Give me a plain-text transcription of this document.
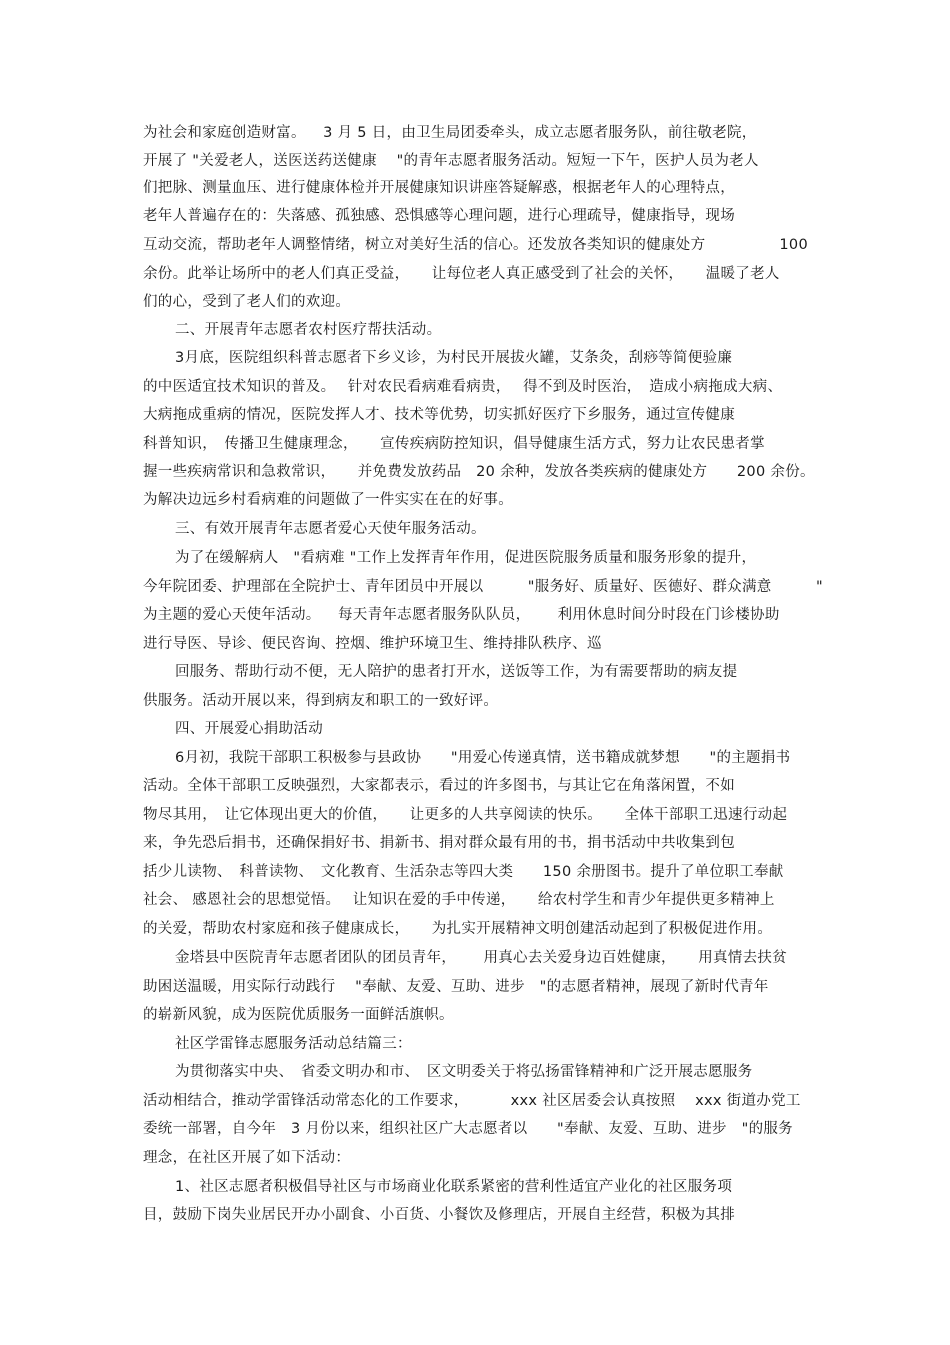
为社会和家庭创造财富。　  3 月 5 日，由卫生局团委牵头，成立志愿者服务队，前往敬老院，
开展了 "关爱老人，送医送药送健康　 "的青年志愿者服务活动。短短一下午，医护人员为老人
们把脉、测量血压、进行健康体检并开展健康知识讲座答疑解惑，根据老年人的心理特点，
老年人普遍存在的：失落感、孤独感、恐惧感等心理问题，进行心理疏导，健康指导，现场
互动交流，帮助老年人调整情绪，树立对美好生活的信心。还发放各类知识的健康处方　　　　　100
余份。此举让场所中的老人们真正受益，　　让每位老人真正感受到了社会的关怀，　　温暖了老人
们的心，受到了老人们的欢迎。
二、开展青年志愿者农村医疗帮扶活动。
3月底，医院组织科普志愿者下乡义诊，为村民开展拔火罐，艾条灸，刮痧等简便验廉
的中医适宜技术知识的普及。　 针对农民看病难看病贵，　 得不到及时医治，　造成小病拖成大病、
大病拖成重病的情况，医院发挥人才、技术等优势，切实抓好医疗下乡服务，通过宣传健康
科普知识，　传播卫生健康理念，　　宣传疾病防控知识，倡导健康生活方式，努力让农民患者掌
握一些疾病常识和急救常识，　　并免费发放药品　20 余种，发放各类疾病的健康处方　　200 余份。
为解决边远乡村看病难的问题做了一件实实在在的好事。
三、有效开展青年志愿者爱心天使年服务活动。
为了在缓解病人　"看病难 "工作上发挥青年作用，促进医院服务质量和服务形象的提升，
今年院团委、护理部在全院护士、青年团员中开展以　　　"服务好、质量好、医德好、群众满意　　　"
为主题的爱心天使年活动。　  每天青年志愿者服务队队员，　　 利用休息时间分时段在门诊楼协助
进行导医、导诊、便民咨询、控烟、维护环境卫生、维持排队秩序、巡
回服务、帮助行动不便，无人陪护的患者打开水，送饭等工作，为有需要帮助的病友提
供服务。活动开展以来，得到病友和职工的一致好评。
四、开展爱心捐助活动
6月初，我院干部职工积极参与县政协　　"用爱心传递真情，送书籍成就梦想　　"的主题捐书
活动。全体干部职工反映强烈，大家都表示，看过的许多图书，与其让它在角落闲置，不如
物尽其用，　让它体现出更大的价值，　　让更多的人共享阅读的快乐。　　全体干部职工迅速行动起
来，争先恐后捐书，还确保捐好书、捐新书、捐对群众最有用的书，捐书活动中共收集到包
括少儿读物、　科普读物、　文化教育、生活杂志等四大类　　150 余册图书。提升了单位职工奉献
社会、 感恩社会的思想觉悟。　 让知识在爱的手中传递，　　给农村学生和青少年提供更多精神上
的关爱，帮助农村家庭和孩子健康成长，　　为扎实开展精神文明创建活动起到了积极促进作用。
金塔县中医院青年志愿者团队的团员青年，　　 用真心去关爱身边百姓健康，　　用真情去扶贫
助困送温暖，用实际行动践行　 "奉献、友爱、互助、进步　"的志愿者精神，展现了新时代青年
的崭新风貌，成为医院优质服务一面鲜活旗帜。
社区学雷锋志愿服务活动总结篇三：
为贯彻落实中央、　省委文明办和市、　区文明委关于将弘扬雷锋精神和广泛开展志愿服务
活动相结合，推动学雷锋活动常态化的工作要求，　　　 xxx 社区居委会认真按照　 xxx 街道办党工
委统一部署，自今年　3 月份以来，组织社区广大志愿者以　　"奉献、友爱、互助、进步　"的服务
理念，在社区开展了如下活动：
1、社区志愿者积极倡导社区与市场商业化联系紧密的营利性适宜产业化的社区服务项
目，鼓励下岗失业居民开办小副食、小百货、小餐饮及修理店，开展自主经营，积极为其排
